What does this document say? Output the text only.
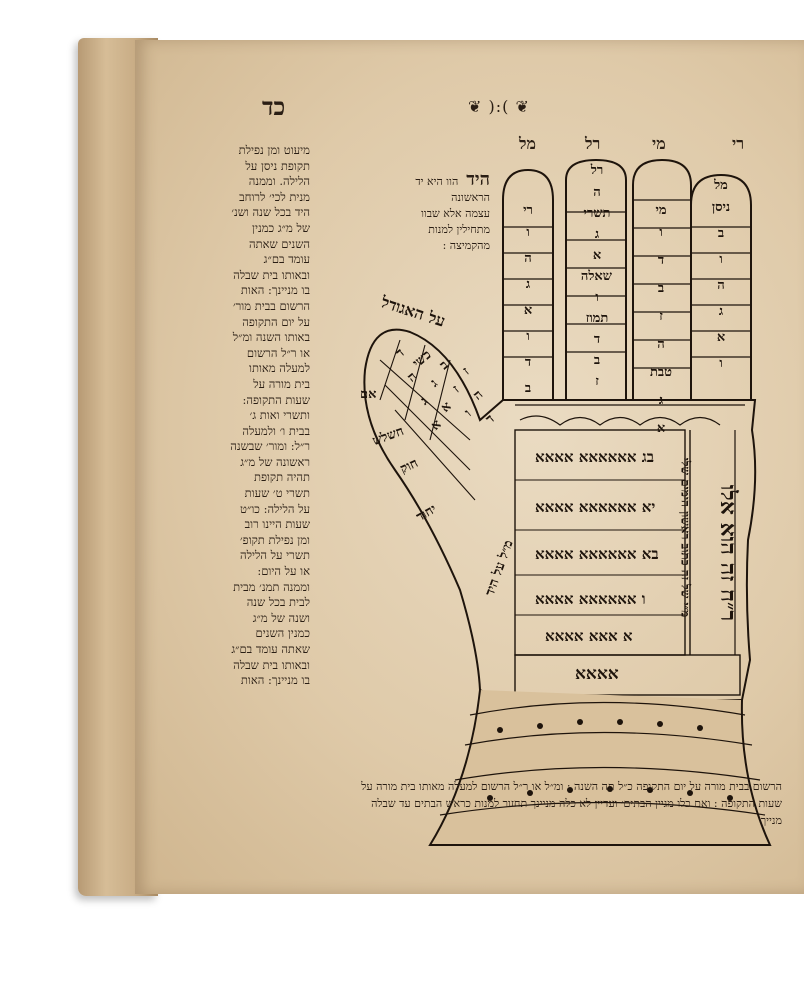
כד	❦ ):( ❦
רי
מי
רל
מל
הידהוו היא יד
הראשונה
עצמה אלא שבוו
מתחילין למנות
מהקמיצה :
מיעוט ומן נפילת
תקופת ניסן על
הלילה. וממנה
מנית לכי׳ לרוחב
היד בכל שנה ושנ׳
של מ״ג כמנין
השנים שאתה
עומד בם״ג
ובאותו בית שבלה
בו מניינך: האות
הרשום בבית מור׳
על יום התקופה
באותו השנה ומ״ל
או ר״ל הרשום
למעלה מאותו
בית מורה על
שעות התקופה:
ותשרי ואות ג׳
בבית ו׳ ולמעלה
ר״ל: ומור׳ שבשנה
ראשונה של מ״ג
תהיה תקופת
תשרי ט׳ שעות
על הלילה: כו״ט
שעות היינו רוב
ומן נפילת תקופ׳
תשרי על הלילה
או על היום:
וממנה תמנ׳ מבית
לבית בכל שנה
ושנה של מ״ג
כמנין השנים
שאתה עומד בם״ג
ובאותו בית שבלה
בו מניינך: האות
מל
ניסן
ב
ו
ה
ג
א
ו
רל
ה
תשרי
ג
א
שאלה
ו
תמוז
ד
ב
ז
מי
ו
ד
ב
ז
ה
טבת
ג
א
רי
ו
ה
ג
א
ו
ד
ב
על האגודל
אם
חשלש
חוק
יחוד
מ״ל על היד
ד כשי ב ז
ה ג ז ה
ג א ו ד
א
בג אאאאאא אאאא
יא אאאאאא אאאא
בא אאאאאא אאאא
ו אאאאאא אאאא
א אאא אאאא
אאאא
מ״י של זה כתוב ראשון הימים שלי ר״ח זה הוא אלו
הרשום בבית מורה על יום התקופה כ״ל תה השנה : ומ״ל או ר״ל הרשום למעלה מאותו בית מורה על
שעות התקופה : ואם כלו מגיין הבתים׳ ועדיין לא כלה מניינך תחזור למנות כראש הבתים עד שבלה
מנייך
